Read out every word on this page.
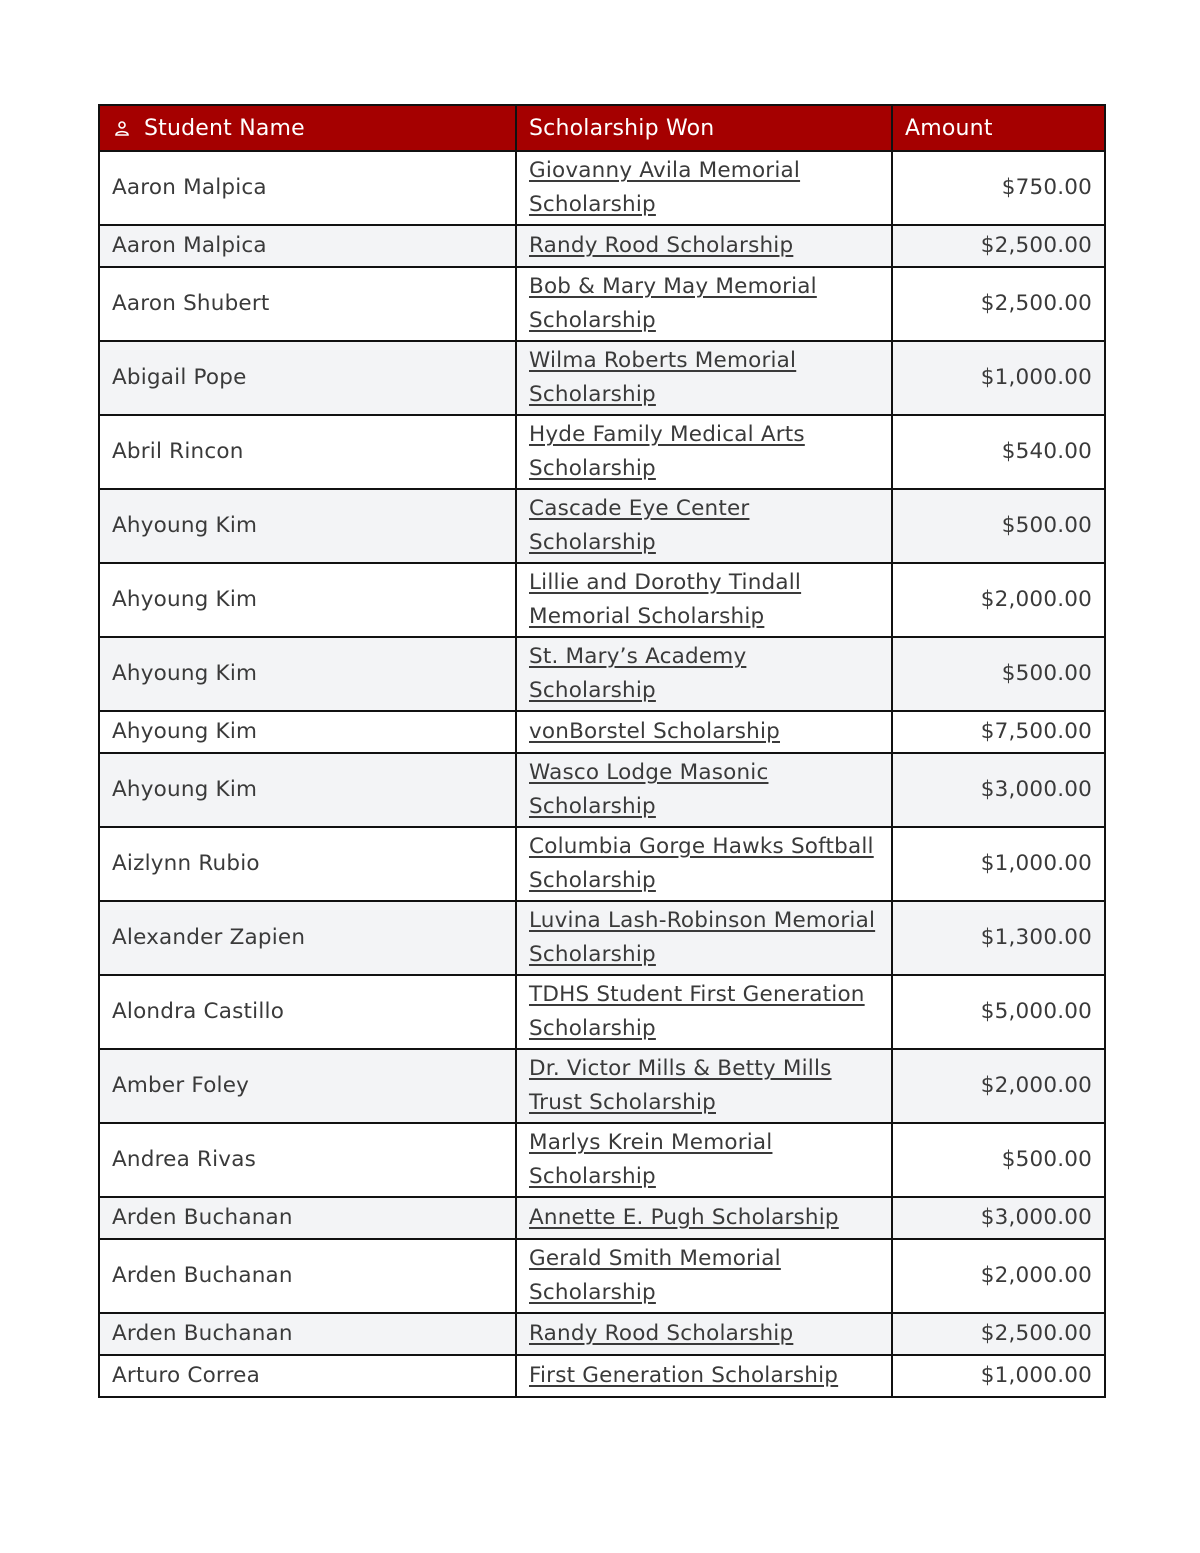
Student Name	Scholarship Won	Amount
Aaron Malpica	Giovanny Avila Memorial Scholarship	$750.00
Aaron Malpica	Randy Rood Scholarship	$2,500.00
Aaron Shubert	Bob & Mary May Memorial Scholarship	$2,500.00
Abigail Pope	Wilma Roberts Memorial Scholarship	$1,000.00
Abril Rincon	Hyde Family Medical Arts Scholarship	$540.00
Ahyoung Kim	Cascade Eye Center Scholarship	$500.00
Ahyoung Kim	Lillie and Dorothy Tindall Memorial Scholarship	$2,000.00
Ahyoung Kim	St. Mary’s Academy Scholarship	$500.00
Ahyoung Kim	vonBorstel Scholarship	$7,500.00
Ahyoung Kim	Wasco Lodge Masonic Scholarship	$3,000.00
Aizlynn Rubio	Columbia Gorge Hawks Softball Scholarship	$1,000.00
Alexander Zapien	Luvina Lash-Robinson Memorial Scholarship	$1,300.00
Alondra Castillo	TDHS Student First Generation Scholarship	$5,000.00
Amber Foley	Dr. Victor Mills & Betty Mills Trust Scholarship	$2,000.00
Andrea Rivas	Marlys Krein Memorial Scholarship	$500.00
Arden Buchanan	Annette E. Pugh Scholarship	$3,000.00
Arden Buchanan	Gerald Smith Memorial Scholarship	$2,000.00
Arden Buchanan	Randy Rood Scholarship	$2,500.00
Arturo Correa	First Generation Scholarship	$1,000.00
